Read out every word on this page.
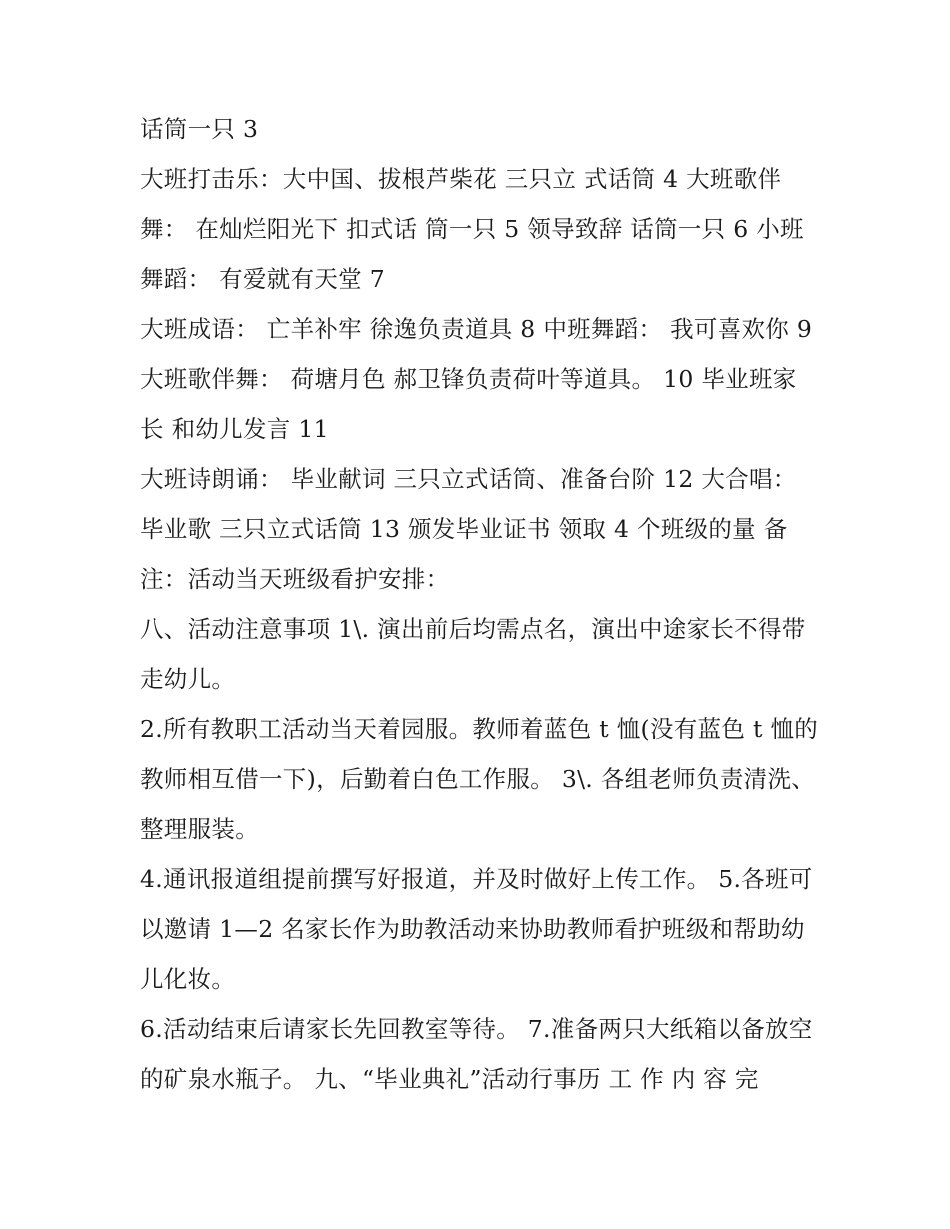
话筒一只 3

大班打击乐：大中国、拔根芦柴花 三只立 式话筒 4 大班歌伴舞： 在灿烂阳光下 扣式话 筒一只 5 领导致辞 话筒一只 6 小班舞蹈： 有爱就有天堂 7

大班成语： 亡羊补牢 徐逸负责道具 8 中班舞蹈： 我可喜欢你 9 大班歌伴舞： 荷塘月色 郝卫锋负责荷叶等道具。 10 毕业班家长 和幼儿发言 11

大班诗朗诵： 毕业献词 三只立式话筒、准备台阶 12 大合唱：毕业歌 三只立式话筒 13 颁发毕业证书 领取 4 个班级的量 备注：活动当天班级看护安排：

八、活动注意事项 1\. 演出前后均需点名，演出中途家长不得带走幼儿。

2.所有教职工活动当天着园服。教师着蓝色 t 恤(没有蓝色 t 恤的教师相互借一下)，后勤着白色工作服。 3\. 各组老师负责清洗、整理服装。

4.通讯报道组提前撰写好报道，并及时做好上传工作。 5.各班可以邀请 1—2 名家长作为助教活动来协助教师看护班级和帮助幼儿化妆。

6.活动结束后请家长先回教室等待。 7.准备两只大纸箱以备放空的矿泉水瓶子。 九、“毕业典礼”活动行事历 工 作 内 容 完
